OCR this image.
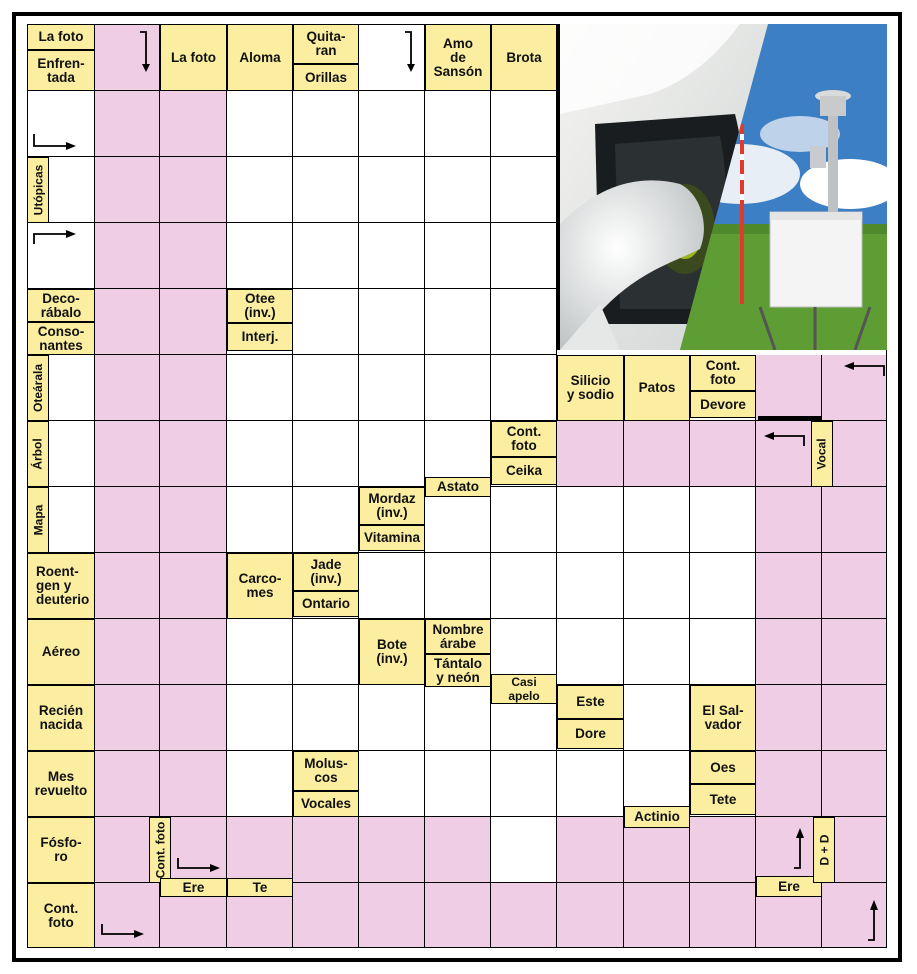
La foto
Enfren-
tada
La foto	Aloma
Quita-
ran
Orillas
Amo
de
Sansón
Brota
Utópicas
Deco-
rábalo
Conso-
nantes
Otee
(inv.)
Interj.
Oteárala	Silicio
y sodio	Patos
Cont.
foto
Devore
Árbol
Cont.
foto
Ceika
Vocal
Mapa
Mordaz
(inv.)
Vitamina
Astato
Roent-
gen y
deuterio
Carco-
mes
Jade
(inv.)
Ontario
Aéreo	Bote
(inv.)
Nombre
árabe
Tántalo
y neón	Casi
apelo
Recién
nacida
Este
Dore
El Sal-
vador
Mes
revuelto
Molus-
cos
Vocales
Oes
Tete
Actinio
Fósfo-
ro	Cont. foto
Ere	Te	Ere
D + D
Cont.
foto
